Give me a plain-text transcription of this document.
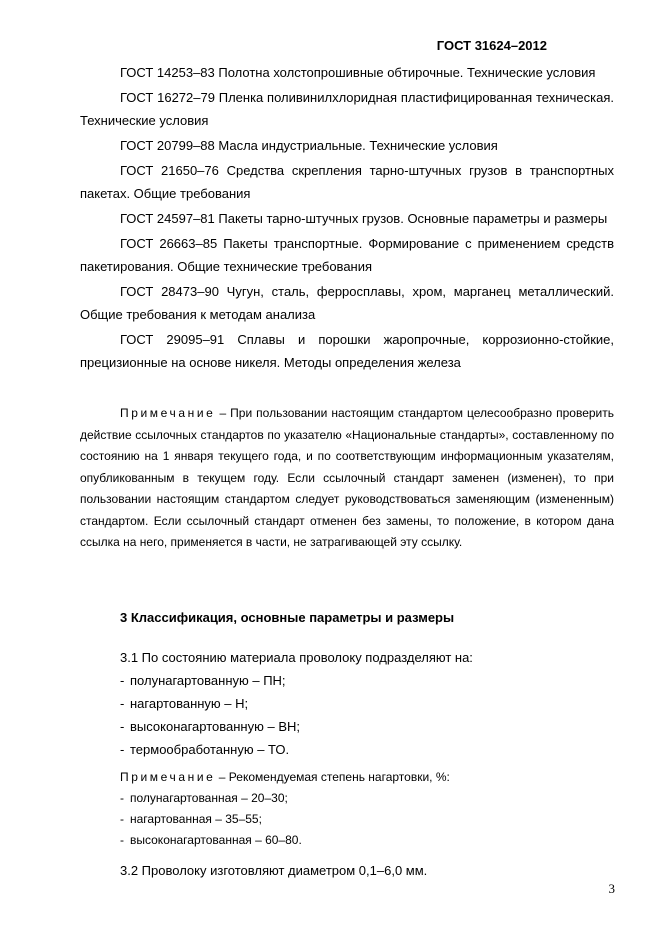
ГОСТ 31624–2012

ГОСТ 14253–83 Полотна холстопрошивные обтирочные. Технические условия

ГОСТ 16272–79 Пленка поливинилхлоридная пластифицированная техническая. Технические условия

ГОСТ 20799–88 Масла индустриальные. Технические условия

ГОСТ 21650–76 Средства скрепления тарно-штучных грузов в транспортных пакетах. Общие требования

ГОСТ 24597–81 Пакеты тарно-штучных грузов. Основные параметры и размеры

ГОСТ 26663–85 Пакеты транспортные. Формирование с применением средств пакетирования. Общие технические требования

ГОСТ 28473–90 Чугун, сталь, ферросплавы, хром, марганец металлический. Общие требования к методам анализа

ГОСТ 29095–91 Сплавы и порошки жаропрочные, коррозионно-стойкие, прецизионные на основе никеля. Методы определения железа

Примечание – При пользовании настоящим стандартом целесообразно проверить действие ссылочных стандартов по указателю «Национальные стандарты», составленному по состоянию на 1 января текущего года, и по соответствующим информационным указателям, опубликованным в текущем году. Если ссылочный стандарт заменен (изменен), то при пользовании настоящим стандартом следует руководствоваться заменяющим (измененным) стандартом. Если ссылочный стандарт отменен без замены, то положение, в котором дана ссылка на него, применяется в части, не затрагивающей эту ссылку.
3 Классификация, основные параметры и размеры
3.1 По состоянию материала проволоку подразделяют на:
- полунагартованную – ПН;
- нагартованную – Н;
- высоконагартованную – ВН;
- термообработанную – ТО.
Примечание – Рекомендуемая степень нагартовки, %:
- полунагартованная – 20–30;
- нагартованная – 35–55;
- высоконагартованная – 60–80.
3.2 Проволоку изготовляют диаметром 0,1–6,0 мм.
3
